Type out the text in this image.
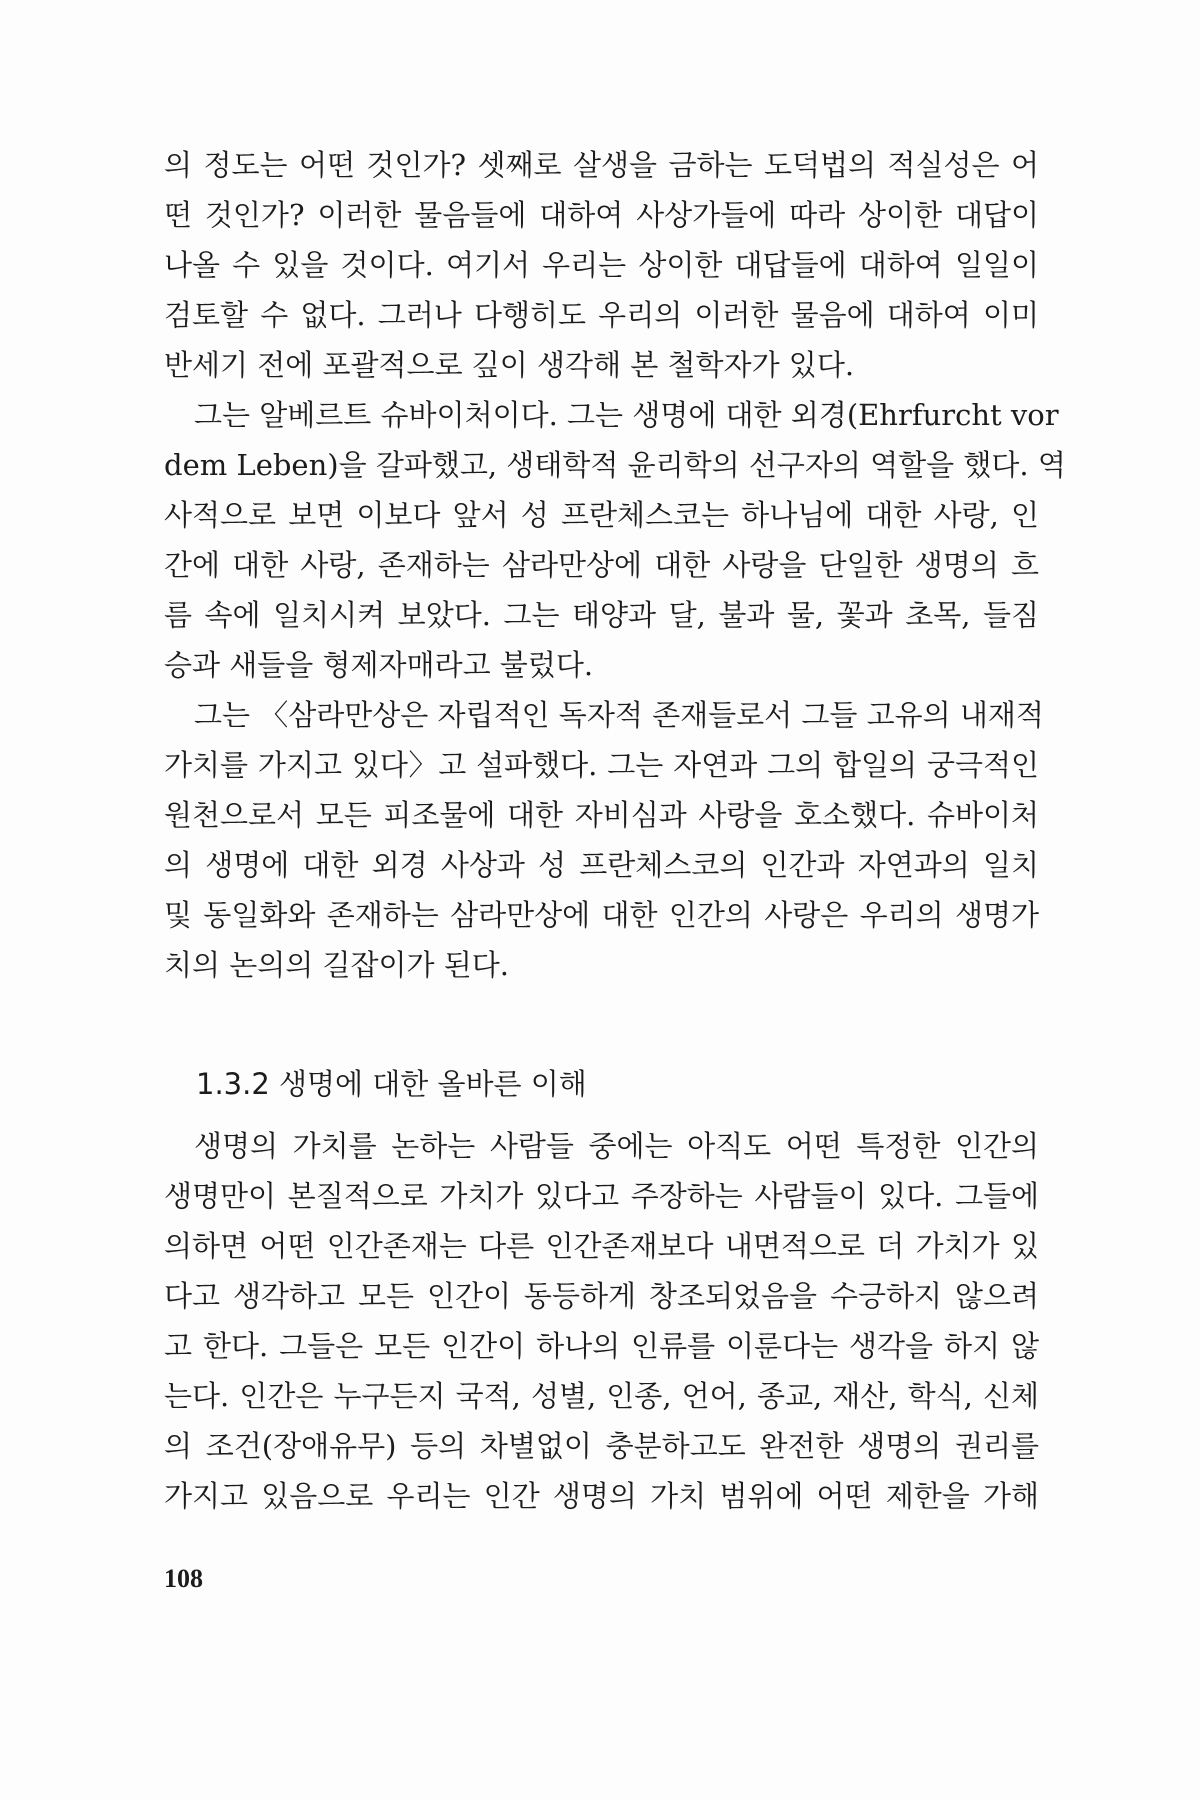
의 정도는 어떤 것인가? 셋째로 살생을 금하는 도덕법의 적실성은 어
떤 것인가? 이러한 물음들에 대하여 사상가들에 따라 상이한 대답이
나올 수 있을 것이다. 여기서 우리는 상이한 대답들에 대하여 일일이
검토할 수 없다. 그러나 다행히도 우리의 이러한 물음에 대하여 이미
반세기 전에 포괄적으로 깊이 생각해 본 철학자가 있다.
그는 알베르트 슈바이처이다. 그는 생명에 대한 외경(Ehrfurcht vor
dem Leben)을 갈파했고, 생태학적 윤리학의 선구자의 역할을 했다. 역
사적으로 보면 이보다 앞서 성 프란체스코는 하나님에 대한 사랑, 인
간에 대한 사랑, 존재하는 삼라만상에 대한 사랑을 단일한 생명의 흐
름 속에 일치시켜 보았다. 그는 태양과 달, 불과 물, 꽃과 초목, 들짐
승과 새들을 형제자매라고 불렀다.
그는 〈삼라만상은 자립적인 독자적 존재들로서 그들 고유의 내재적
가치를 가지고 있다〉고 설파했다. 그는 자연과 그의 합일의 궁극적인
원천으로서 모든 피조물에 대한 자비심과 사랑을 호소했다. 슈바이처
의 생명에 대한 외경 사상과 성 프란체스코의 인간과 자연과의 일치
및 동일화와 존재하는 삼라만상에 대한 인간의 사랑은 우리의 생명가
치의 논의의 길잡이가 된다.
1.3.2 생명에 대한 올바른 이해
생명의 가치를 논하는 사람들 중에는 아직도 어떤 특정한 인간의
생명만이 본질적으로 가치가 있다고 주장하는 사람들이 있다. 그들에
의하면 어떤 인간존재는 다른 인간존재보다 내면적으로 더 가치가 있
다고 생각하고 모든 인간이 동등하게 창조되었음을 수긍하지 않으려
고 한다. 그들은 모든 인간이 하나의 인류를 이룬다는 생각을 하지 않
는다. 인간은 누구든지 국적, 성별, 인종, 언어, 종교, 재산, 학식, 신체
의 조건(장애유무) 등의 차별없이 충분하고도 완전한 생명의 권리를
가지고 있음으로 우리는 인간 생명의 가치 범위에 어떤 제한을 가해
108
